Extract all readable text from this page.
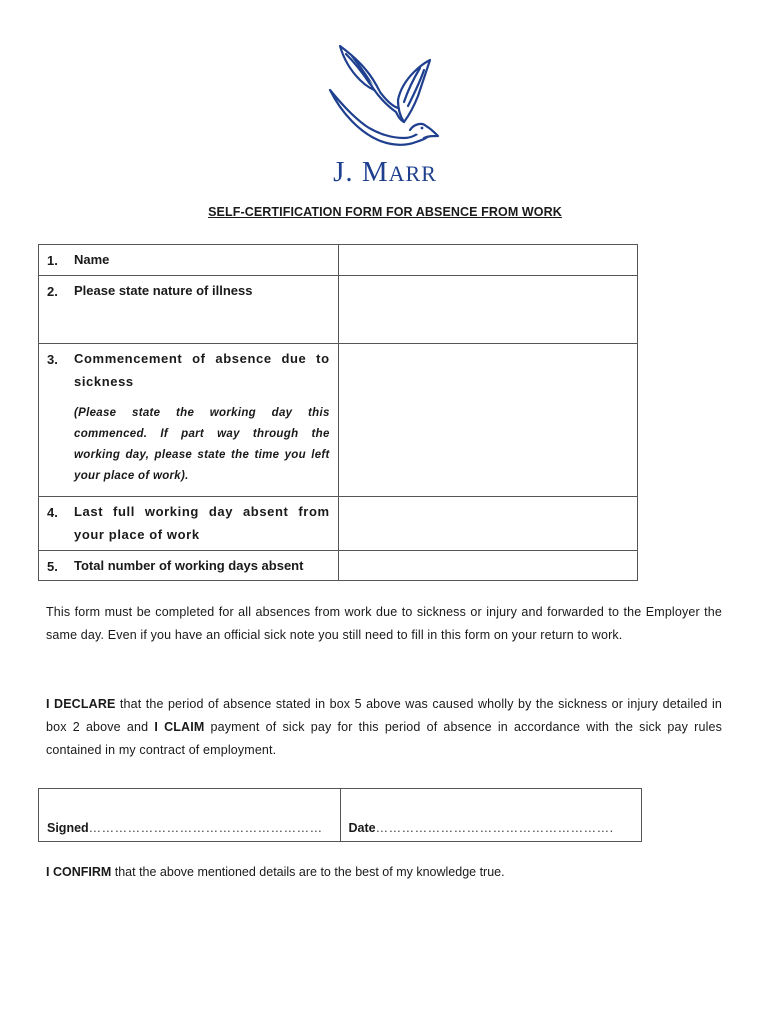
J. MARR
SELF-CERTIFICATION FORM FOR ABSENCE FROM WORK
1. Name	

2. Please state nature of illness	

3. Commencement of absence due to sickness
(Please state the working day this commenced. If part way through the working day, please state the time you left your place of work).	

4. Last full working day absent from your place of work	

5. Total number of working days absent	

This form must be completed for all absences from work due to sickness or injury and forwarded to the Employer the same day. Even if you have an official sick note you still need to fill in this form on your return to work.
I DECLARE that the period of absence stated in box 5 above was caused wholly by the sickness or injury detailed in box 2 above and I CLAIM payment of sick pay for this period of absence in accordance with the sick pay rules contained in my contract of employment.
Signed………………………………………………	Date……………………………………………….
I CONFIRM that the above mentioned details are to the best of my knowledge true.
